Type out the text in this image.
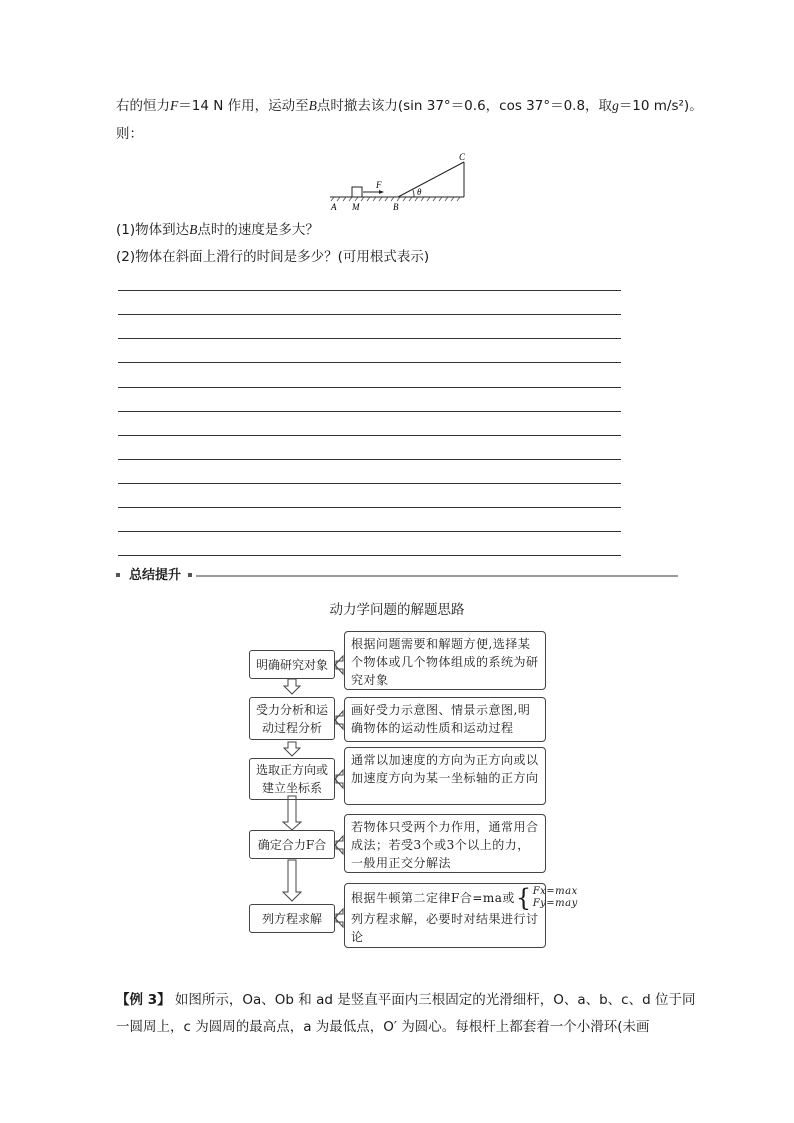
右的恒力F＝14 N 作用，运动至B点时撤去该力(sin 37°＝0.6，cos 37°＝0.8，取g＝10 m/s²)。
则：
A M
F
B
C
θ
(1)物体到达B点时的速度是多大？
(2)物体在斜面上滑行的时间是多少？(可用根式表示)
总结提升
动力学问题的解题思路
明确研究对象
根据问题需要和解题方便,选择某个物体或几个物体组成的系统为研究对象
受力分析和运动过程分析
画好受力示意图、情景示意图,明确物体的运动性质和运动过程
选取正方向或建立坐标系
通常以加速度的方向为正方向或以加速度方向为某一坐标轴的正方向
确定合力F合
若物体只受两个力作用，通常用合成法；若受3个或3个以上的力，一般用正交分解法
列方程求解
根据牛顿第二定律F合=ma或 { Fx=max
Fy=may
列方程求解，必要时对结果进行讨论
【例 3】 如图所示，Oa、Ob 和 ad 是竖直平面内三根固定的光滑细杆，O、a、b、c、d 位于同
一圆周上，c 为圆周的最高点，a 为最低点，O′ 为圆心。每根杆上都套着一个小滑环(未画
